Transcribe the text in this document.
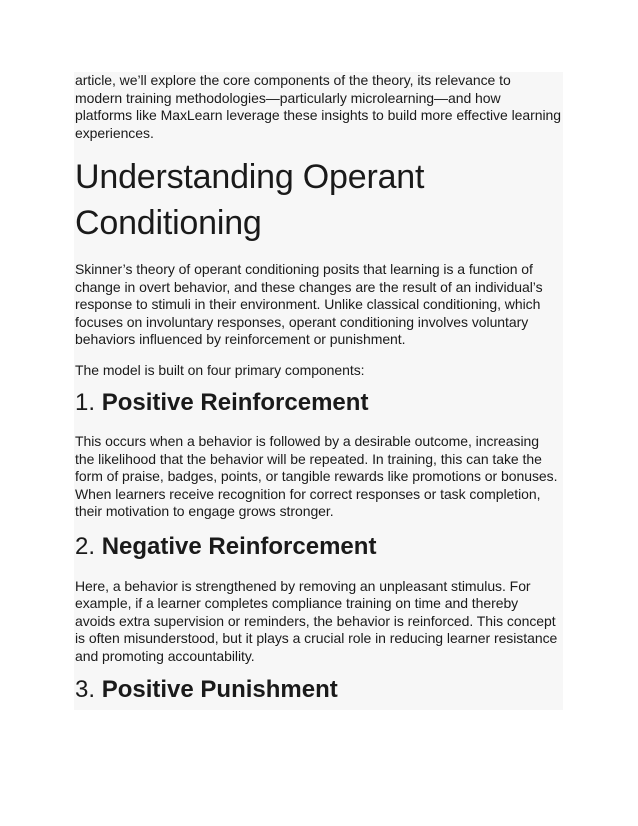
article, we’ll explore the core components of the theory, its relevance to modern training methodologies—particularly microlearning—and how platforms like MaxLearn leverage these insights to build more effective learning experiences.

Understanding Operant Conditioning

Skinner’s theory of operant conditioning posits that learning is a function of change in overt behavior, and these changes are the result of an individual’s response to stimuli in their environment. Unlike classical conditioning, which focuses on involuntary responses, operant conditioning involves voluntary behaviors influenced by reinforcement or punishment.

The model is built on four primary components:

1. Positive Reinforcement

This occurs when a behavior is followed by a desirable outcome, increasing the likelihood that the behavior will be repeated. In training, this can take the form of praise, badges, points, or tangible rewards like promotions or bonuses. When learners receive recognition for correct responses or task completion, their motivation to engage grows stronger.

2. Negative Reinforcement

Here, a behavior is strengthened by removing an unpleasant stimulus. For example, if a learner completes compliance training on time and thereby avoids extra supervision or reminders, the behavior is reinforced. This concept is often misunderstood, but it plays a crucial role in reducing learner resistance and promoting accountability.

3. Positive Punishment
